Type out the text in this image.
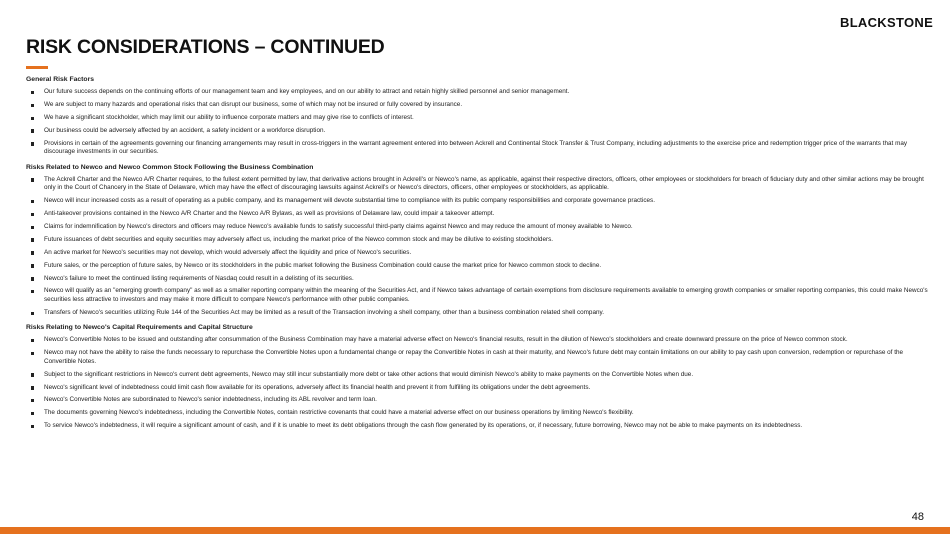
BLACKSTONE
RISK CONSIDERATIONS – CONTINUED
General Risk Factors
Our future success depends on the continuing efforts of our management team and key employees, and on our ability to attract and retain highly skilled personnel and senior management.
We are subject to many hazards and operational risks that can disrupt our business, some of which may not be insured or fully covered by insurance.
We have a significant stockholder, which may limit our ability to influence corporate matters and may give rise to conflicts of interest.
Our business could be adversely affected by an accident, a safety incident or a workforce disruption.
Provisions in certain of the agreements governing our financing arrangements may result in cross-triggers in the warrant agreement entered into between Ackrell and Continental Stock Transfer & Trust Company, including adjustments to the exercise price and redemption trigger price of the warrants that may discourage investments in our securities.
Risks Related to Newco and Newco Common Stock Following the Business Combination
The Ackrell Charter and the Newco A/R Charter requires, to the fullest extent permitted by law, that derivative actions brought in Ackrell's or Newco's name, as applicable, against their respective directors, officers, other employees or stockholders for breach of fiduciary duty and other similar actions may be brought only in the Court of Chancery in the State of Delaware, which may have the effect of discouraging lawsuits against Ackrell's or Newco's directors, officers, other employees or stockholders, as applicable.
Newco will incur increased costs as a result of operating as a public company, and its management will devote substantial time to compliance with its public company responsibilities and corporate governance practices.
Anti-takeover provisions contained in the Newco A/R Charter and the Newco A/R Bylaws, as well as provisions of Delaware law, could impair a takeover attempt.
Claims for indemnification by Newco's directors and officers may reduce Newco's available funds to satisfy successful third-party claims against Newco and may reduce the amount of money available to Newco.
Future issuances of debt securities and equity securities may adversely affect us, including the market price of the Newco common stock and may be dilutive to existing stockholders.
An active market for Newco's securities may not develop, which would adversely affect the liquidity and price of Newco's securities.
Future sales, or the perception of future sales, by Newco or its stockholders in the public market following the Business Combination could cause the market price for Newco common stock to decline.
Newco's failure to meet the continued listing requirements of Nasdaq could result in a delisting of its securities.
Newco will qualify as an "emerging growth company" as well as a smaller reporting company within the meaning of the Securities Act, and if Newco takes advantage of certain exemptions from disclosure requirements available to emerging growth companies or smaller reporting companies, this could make Newco's securities less attractive to investors and may make it more difficult to compare Newco's performance with other public companies.
Transfers of Newco's securities utilizing Rule 144 of the Securities Act may be limited as a result of the Transaction involving a shell company, other than a business combination related shell company.
Risks Relating to Newco's Capital Requirements and Capital Structure
Newco's Convertible Notes to be issued and outstanding after consummation of the Business Combination may have a material adverse effect on Newco's financial results, result in the dilution of Newco's stockholders and create downward pressure on the price of Newco common stock.
Newco may not have the ability to raise the funds necessary to repurchase the Convertible Notes upon a fundamental change or repay the Convertible Notes in cash at their maturity, and Newco's future debt may contain limitations on our ability to pay cash upon conversion, redemption or repurchase of the Convertible Notes.
Subject to the significant restrictions in Newco's current debt agreements, Newco may still incur substantially more debt or take other actions that would diminish Newco's ability to make payments on the Convertible Notes when due.
Newco's significant level of indebtedness could limit cash flow available for its operations, adversely affect its financial health and prevent it from fulfilling its obligations under the debt agreements.
Newco's Convertible Notes are subordinated to Newco's senior indebtedness, including its ABL revolver and term loan.
The documents governing Newco's indebtedness, including the Convertible Notes, contain restrictive covenants that could have a material adverse effect on our business operations by limiting Newco's flexibility.
To service Newco's indebtedness, it will require a significant amount of cash, and if it is unable to meet its debt obligations through the cash flow generated by its operations, or, if necessary, future borrowing, Newco may not be able to make payments on its indebtedness.
48
